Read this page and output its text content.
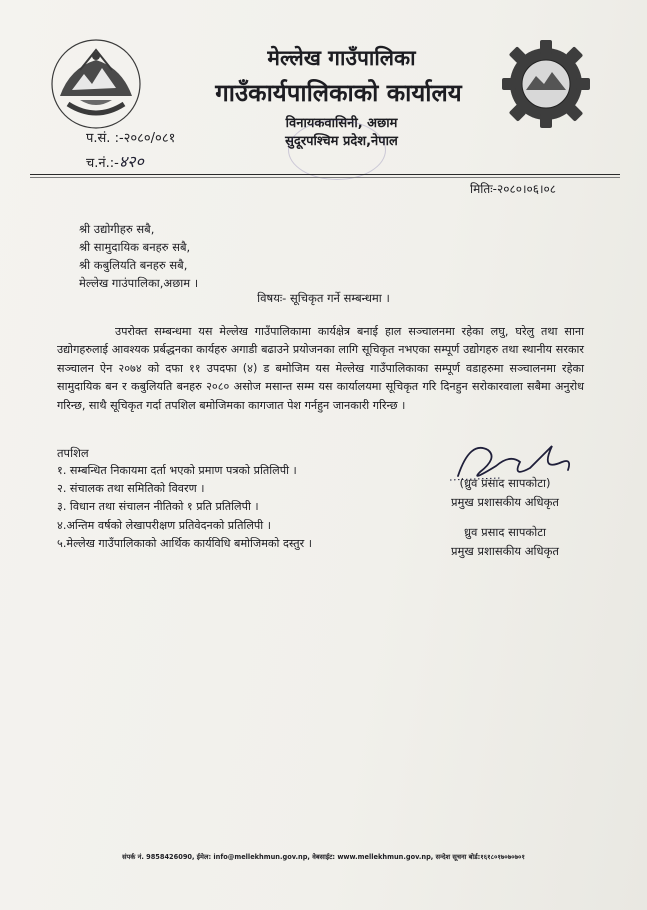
मेल्लेख गाउँपालिका
गाउँकार्यपालिकाको कार्यालय
विनायकवासिनी, अछाम
सुदूरपश्चिम प्रदेश,नेपाल
प.सं. :-२०८०/०८१
च.नं.:-४२०
मितिः-२०८०।०६।०८
श्री उद्योगीहरु सबै,
श्री सामुदायिक बनहरु सबै,
श्री कबुलियति बनहरु सबै,
मेल्लेख गाउंपालिका,अछाम ।
विषयः- सूचिकृत गर्ने सम्बन्धमा ।
उपरोक्त सम्बन्धमा यस मेल्लेख गाउँपालिकामा कार्यक्षेत्र बनाई हाल सञ्चालनमा रहेका लघु, घरेलु तथा साना उद्योगहरुलाई आवश्यक प्रर्बद्धनका कार्यहरु अगाडी बढाउने प्रयोजनका लागि सूचिकृत नभएका सम्पूर्ण उद्योगहरु तथा स्थानीय सरकार सञ्चालन ऐन २०७४ को दफा ११ उपदफा (४) ड बमोजिम यस मेल्लेख गाउँपालिकाका सम्पूर्ण वडाहरुमा सञ्चालनमा रहेका सामुदायिक बन र कबुलियति बनहरु २०८० असोज मसान्त सम्म यस कार्यालयमा सूचिकृत गरि दिनहुन सरोकारवाला सबैमा अनुरोध गरिन्छ, साथै सूचिकृत गर्दा तपशिल बमोजिमका कागजात पेश गर्नहुन जानकारी गरिन्छ ।
तपशिल
१. सम्बन्धित निकायमा दर्ता भएको प्रमाण पत्रको प्रतिलिपी ।
२. संचालक तथा समितिको विवरण ।
३. विधान तथा संचालन नीतिको १ प्रति प्रतिलिपी ।
४.अन्तिम वर्षको लेखापरीक्षण प्रतिवेदनको प्रतिलिपी ।
५.मेल्लेख गाउँपालिकाको आर्थिक कार्यविधि बमोजिमको दस्तुर ।
(ध्रुव प्रसाद सापकोटा)
प्रमुख प्रशासकीय अधिकृत
ध्रुव प्रसाद सापकोटा
प्रमुख प्रशासकीय अधिकृत
संपर्क नं. 9858426090, ईमेल: info@mellekhmun.gov.np, वेबसाईट: www.mellekhmun.gov.np, सन्देश सूचना बोर्ड:१६१८०१७०७०७०१
